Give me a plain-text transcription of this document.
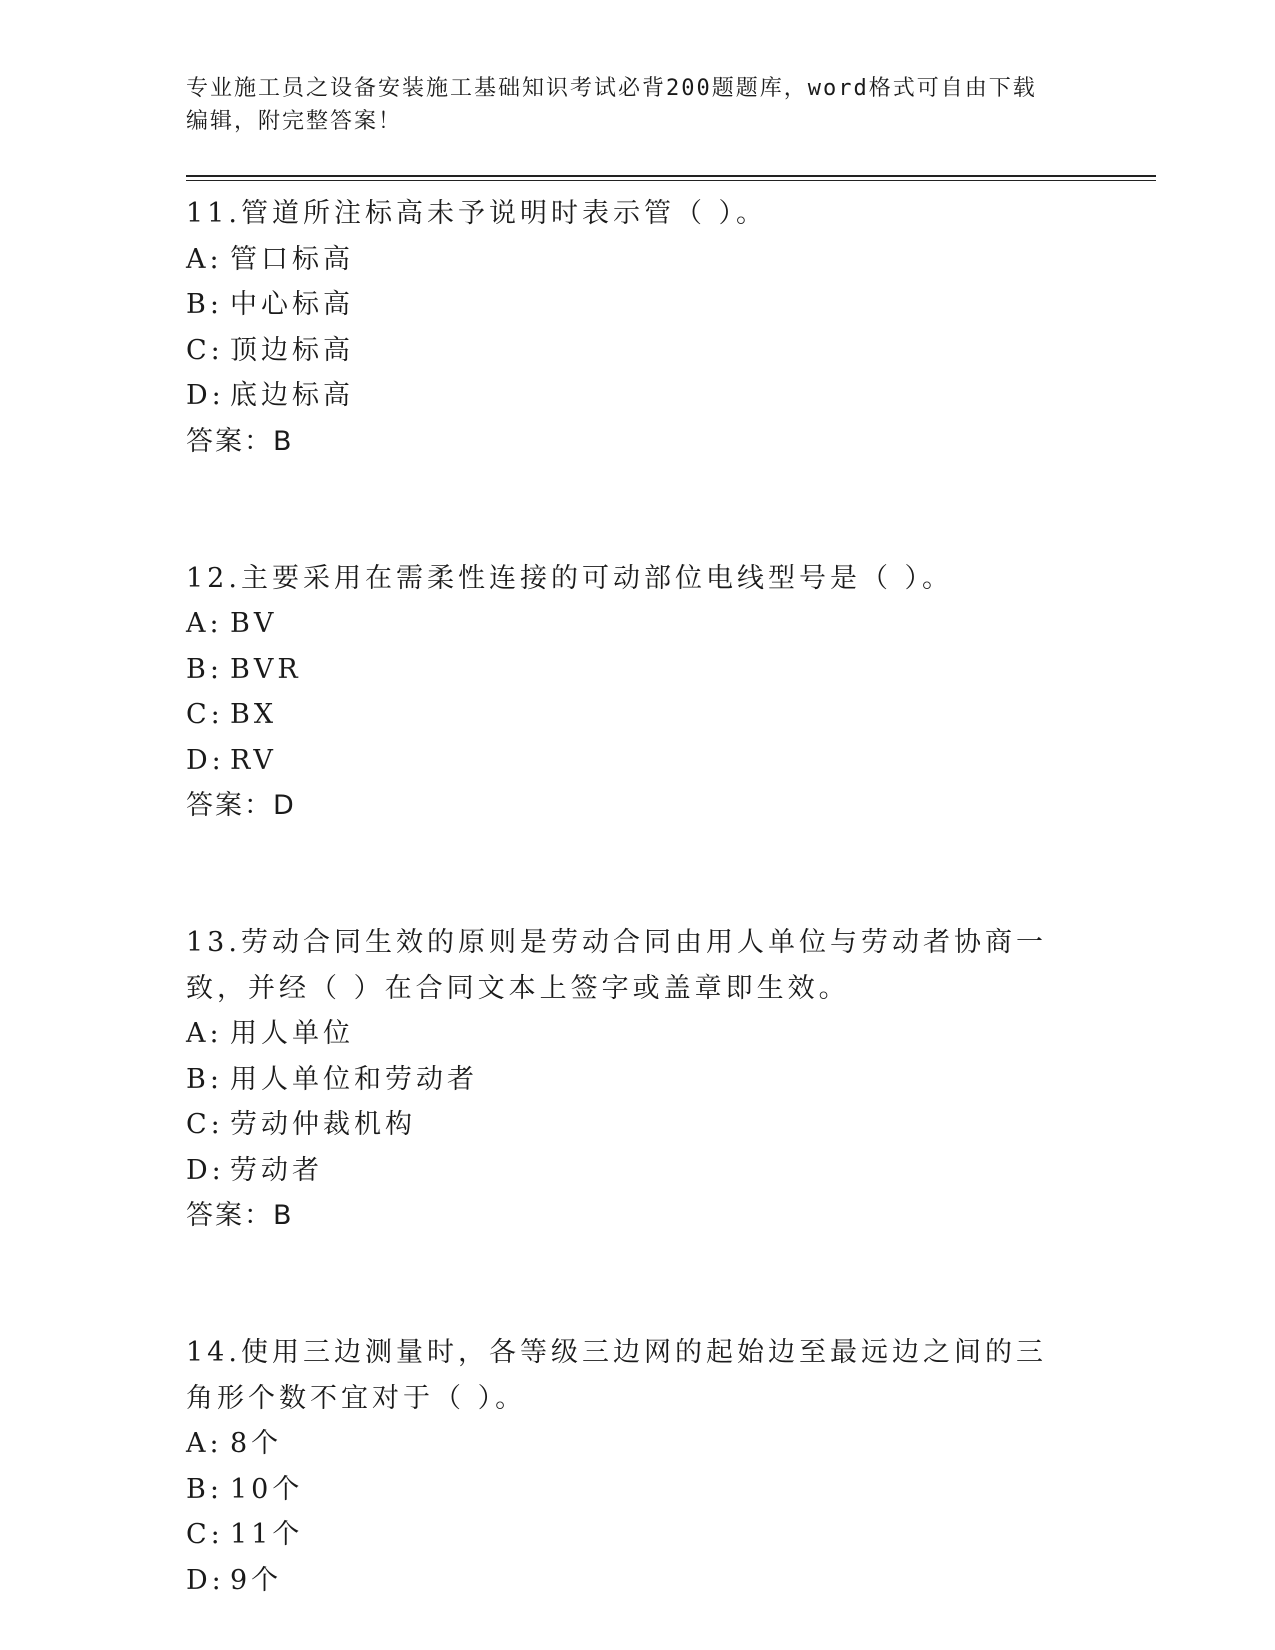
专业施工员之设备安装施工基础知识考试必背200题题库，word格式可自由下载
编辑，附完整答案！

11.管道所注标高未予说明时表示管（ ）。

A: 管口标高

B: 中心标高

C: 顶边标高

D: 底边标高

答案：B

12.主要采用在需柔性连接的可动部位电线型号是（ ）。

A: BV

B: BVR

C: BX

D: RV

答案：D

13.劳动合同生效的原则是劳动合同由用人单位与劳动者协商一致，并经（ ）在合同文本上签字或盖章即生效。

A: 用人单位

B: 用人单位和劳动者

C: 劳动仲裁机构

D: 劳动者

答案：B

14.使用三边测量时，各等级三边网的起始边至最远边之间的三角形个数不宜对于（ ）。

A: 8个

B: 10个

C: 11个

D: 9个
